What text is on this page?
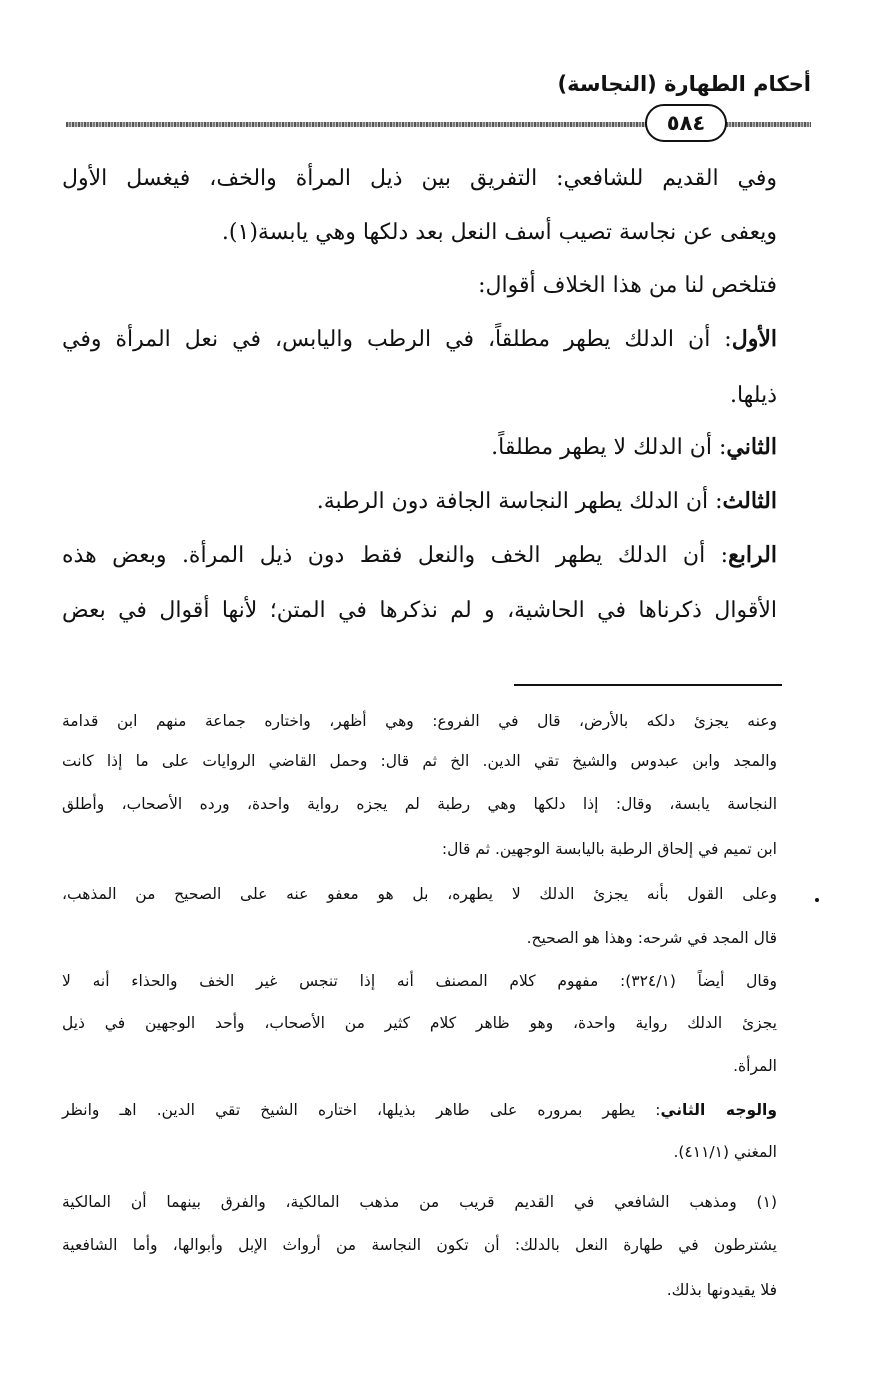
أحكام الطهارة (النجاسة)
٥٨٤
وفي القديم للشافعي: التفريق بين ذيل المرأة والخف، فيغسل الأول
ويعفى عن نجاسة تصيب أسف النعل بعد دلكها وهي يابسة(١).
فتلخص لنا من هذا الخلاف أقوال:
الأول: أن الدلك يطهر مطلقاً، في الرطب واليابس، في نعل المرأة وفي
ذيلها.
الثاني: أن الدلك لا يطهر مطلقاً.
الثالث: أن الدلك يطهر النجاسة الجافة دون الرطبة.
الرابع: أن الدلك يطهر الخف والنعل فقط دون ذيل المرأة. وبعض هذه
الأقوال ذكرناها في الحاشية، و لم نذكرها في المتن؛ لأنها أقوال في بعض
وعنه يجزئ دلكه بالأرض، قال في الفروع: وهي أظهر، واختاره جماعة منهم ابن قدامة
والمجد وابن عبدوس والشيخ تقي الدين. الخ ثم قال: وحمل القاضي الروايات على ما إذا كانت
النجاسة يابسة، وقال: إذا دلكها وهي رطبة لم يجزه رواية واحدة، ورده الأصحاب، وأطلق
ابن تميم في إلحاق الرطبة باليابسة الوجهين. ثم قال:
وعلى القول بأنه يجزئ الدلك لا يطهره، بل هو معفو عنه على الصحيح من المذهب،
قال المجد في شرحه: وهذا هو الصحيح.
وقال أيضاً (٣٢٤/١): مفهوم كلام المصنف أنه إذا تنجس غير الخف والحذاء أنه لا
يجزئ الدلك رواية واحدة، وهو ظاهر كلام كثير من الأصحاب، وأحد الوجهين في ذيل
المرأة.
والوجه الثاني: يطهر بمروره على طاهر بذيلها، اختاره الشيخ تقي الدين. اهـ وانظر
المغني (٤١١/١).
(١) ومذهب الشافعي في القديم قريب من مذهب المالكية، والفرق بينهما أن المالكية
يشترطون في طهارة النعل بالدلك: أن تكون النجاسة من أرواث الإبل وأبوالها، وأما الشافعية
فلا يقيدونها بذلك.
